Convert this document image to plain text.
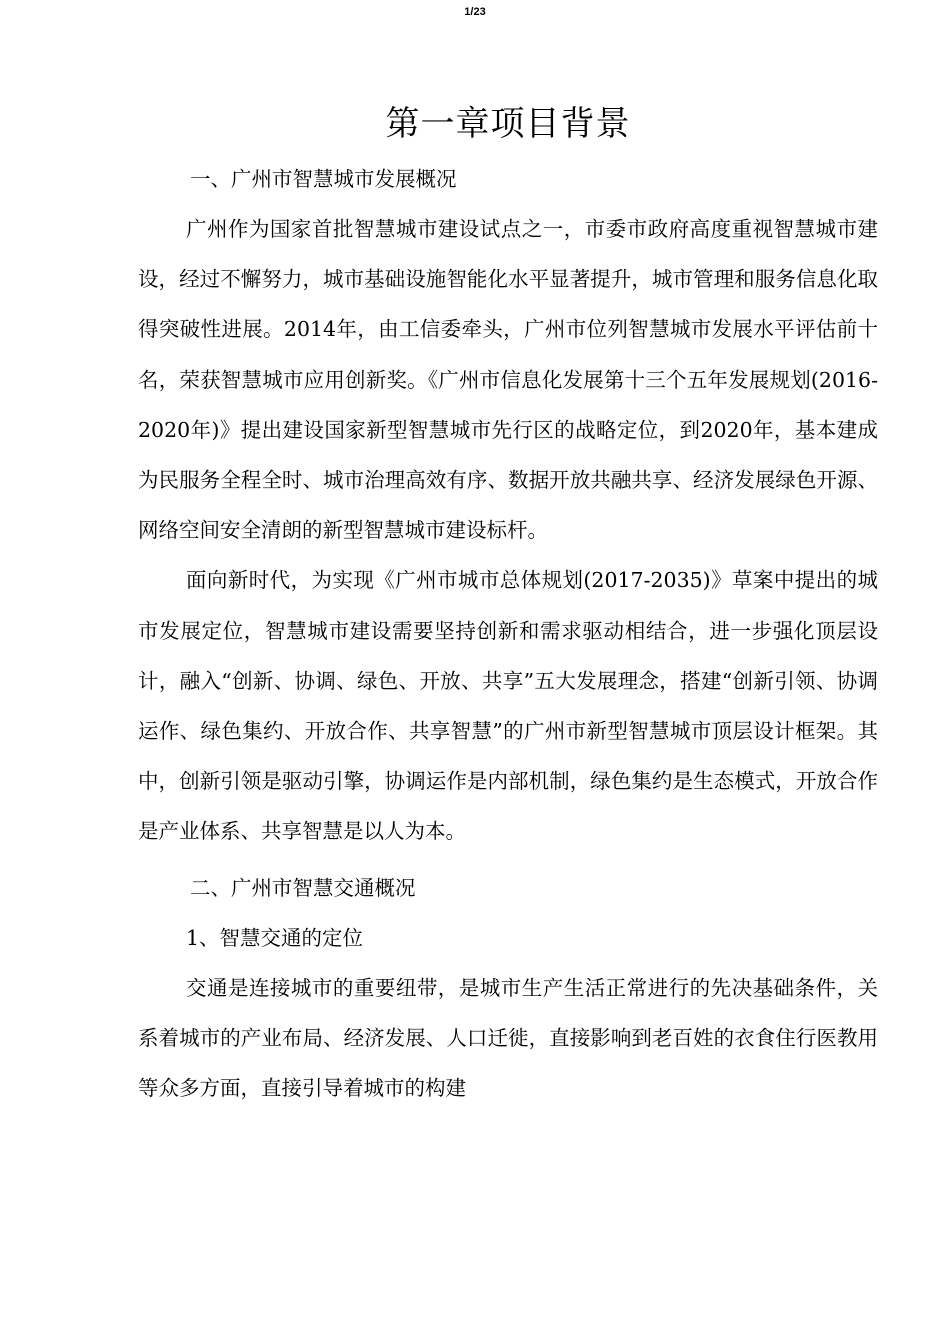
1/23
第一章项目背景

一、广州市智慧城市发展概况

广州作为国家首批智慧城市建设试点之一，市委市政府高度重视智慧城市建设，经过不懈努力，城市基础设施智能化水平显著提升，城市管理和服务信息化取得突破性进展。2014年，由工信委牵头，广州市位列智慧城市发展水平评估前十名，荣获智慧城市应用创新奖。《广州市信息化发展第十三个五年发展规划(2016-2020年)》提出建设国家新型智慧城市先行区的战略定位，到2020年，基本建成为民服务全程全时、城市治理高效有序、数据开放共融共享、经济发展绿色开源、网络空间安全清朗的新型智慧城市建设标杆。

面向新时代，为实现《广州市城市总体规划(2017-2035)》草案中提出的城市发展定位，智慧城市建设需要坚持创新和需求驱动相结合，进一步强化顶层设计，融入“创新、协调、绿色、开放、共享”五大发展理念，搭建“创新引领、协调运作、绿色集约、开放合作、共享智慧”的广州市新型智慧城市顶层设计框架。其中，创新引领是驱动引擎，协调运作是内部机制，绿色集约是生态模式，开放合作是产业体系、共享智慧是以人为本。

二、广州市智慧交通概况

1、智慧交通的定位

交通是连接城市的重要纽带，是城市生产生活正常进行的先决基础条件，关系着城市的产业布局、经济发展、人口迁徙，直接影响到老百姓的衣食住行医教用等众多方面，直接引导着城市的构建
